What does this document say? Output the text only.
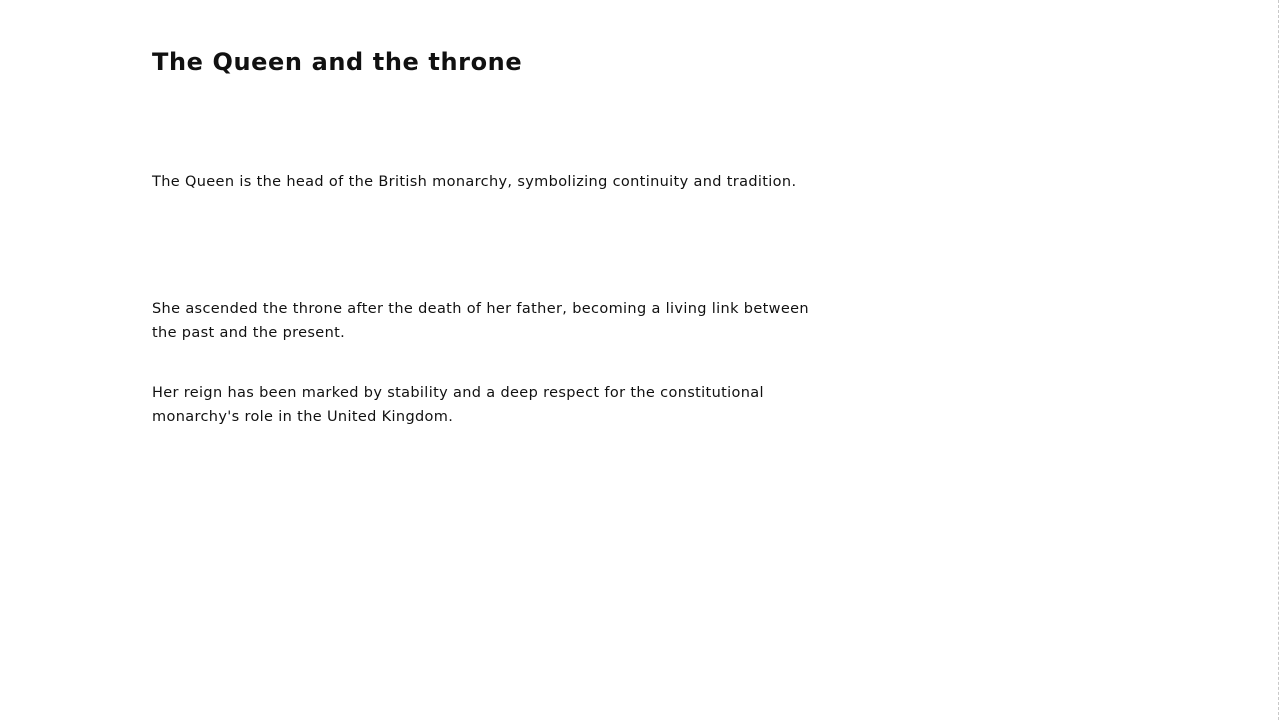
The Queen and the throne

The Queen is the head of the British monarchy, symbolizing continuity and tradition.

She ascended the throne after the death of her father, becoming a living link between the past and the present.

Her reign has been marked by stability and a deep respect for the constitutional monarchy's role in the United Kingdom.
